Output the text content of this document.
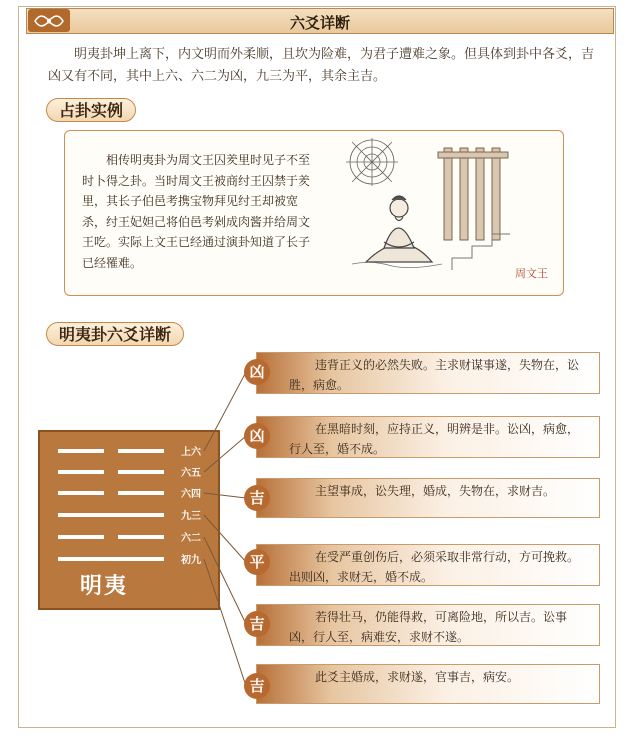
六爻详断

明夷卦坤上离下，内文明而外柔顺，且坎为险难，为君子遭难之象。但具体到卦中各爻，吉凶又有不同，其中上六、六二为凶，九三为平，其余主吉。

占卦实例

相传明夷卦为周文王囚羑里时见子不至时卜得之卦。当时周文王被商纣王囚禁于羑里，其长子伯邑考携宝物拜见纣王却被宽杀，纣王妃妲己将伯邑考剁成肉酱并给周文王吃。实际上文王已经通过演卦知道了长子已经罹难。

周文王
明夷卦六爻详断
上六
六五
六四
九三
六二
初九
明夷
违背正义的必然失败。主求财谋事遂，失物在，讼胜，病愈。
凶
在黑暗时刻，应持正义，明辨是非。讼凶，病愈，行人至，婚不成。
凶
主望事成，讼失理，婚成，失物在，求财吉。
吉
在受严重创伤后，必须采取非常行动，方可挽救。出则凶，求财无，婚不成。
平
若得壮马，仍能得救，可离险地，所以吉。讼事凶，行人至，病难安，求财不遂。
吉
此爻主婚成，求财遂，官事吉，病安。
吉
